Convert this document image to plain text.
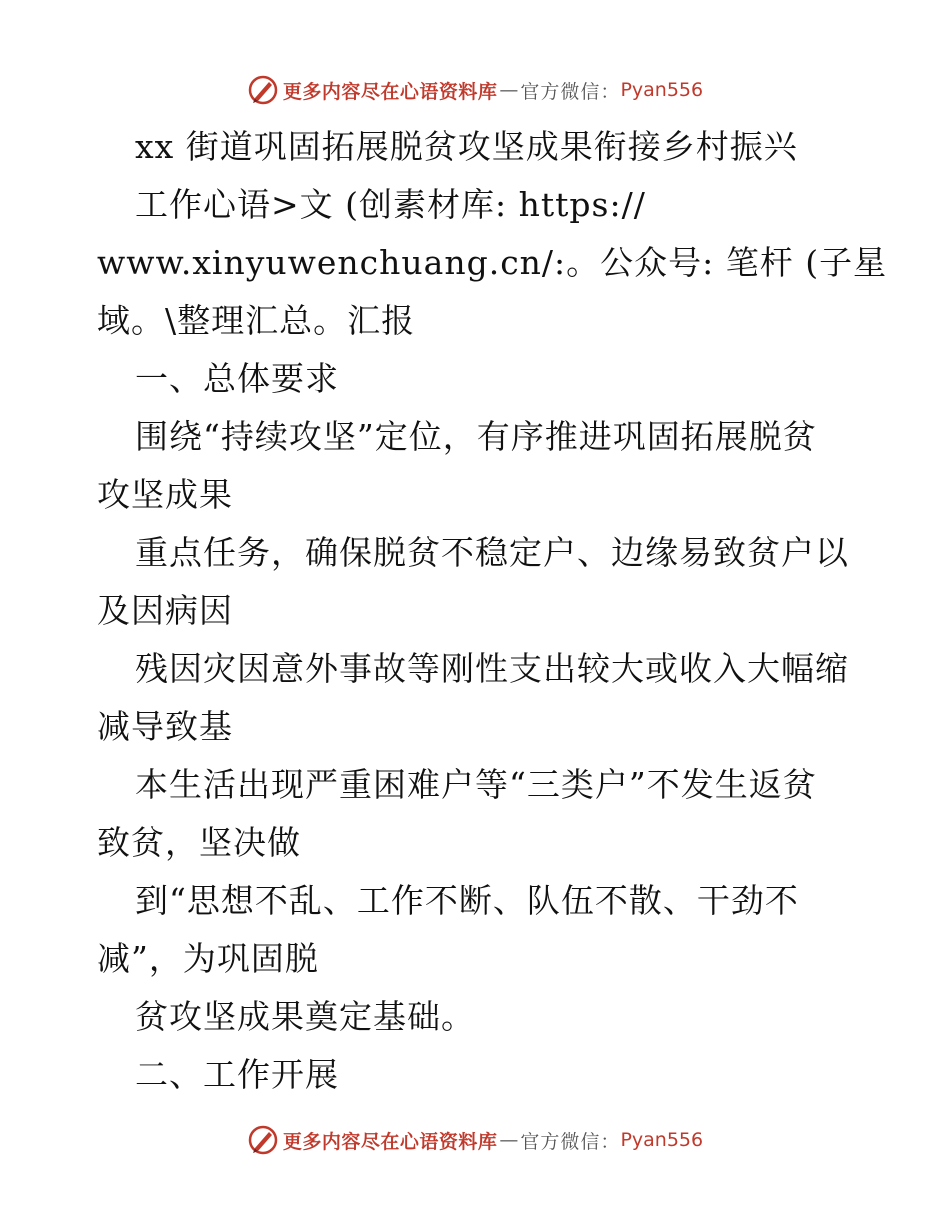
更多内容尽在心语资料库 — 官方微信： Pyan556
xx 街道巩固拓展脱贫攻坚成果衔接乡村振兴
工作心语>文 (创素材库: https://
www.xinyuwenchuang.cn/:。公众号: 笔杆 (子星
域。\整理汇总。汇报
一、总体要求
围绕“持续攻坚”定位，有序推进巩固拓展脱贫
攻坚成果
重点任务，确保脱贫不稳定户、边缘易致贫户以
及因病因
残因灾因意外事故等刚性支出较大或收入大幅缩
减导致基
本生活出现严重困难户等“三类户”不发生返贫
致贫，坚决做
到“思想不乱、工作不断、队伍不散、干劲不
减”，为巩固脱
贫攻坚成果奠定基础。
二、工作开展
更多内容尽在心语资料库 — 官方微信： Pyan556
